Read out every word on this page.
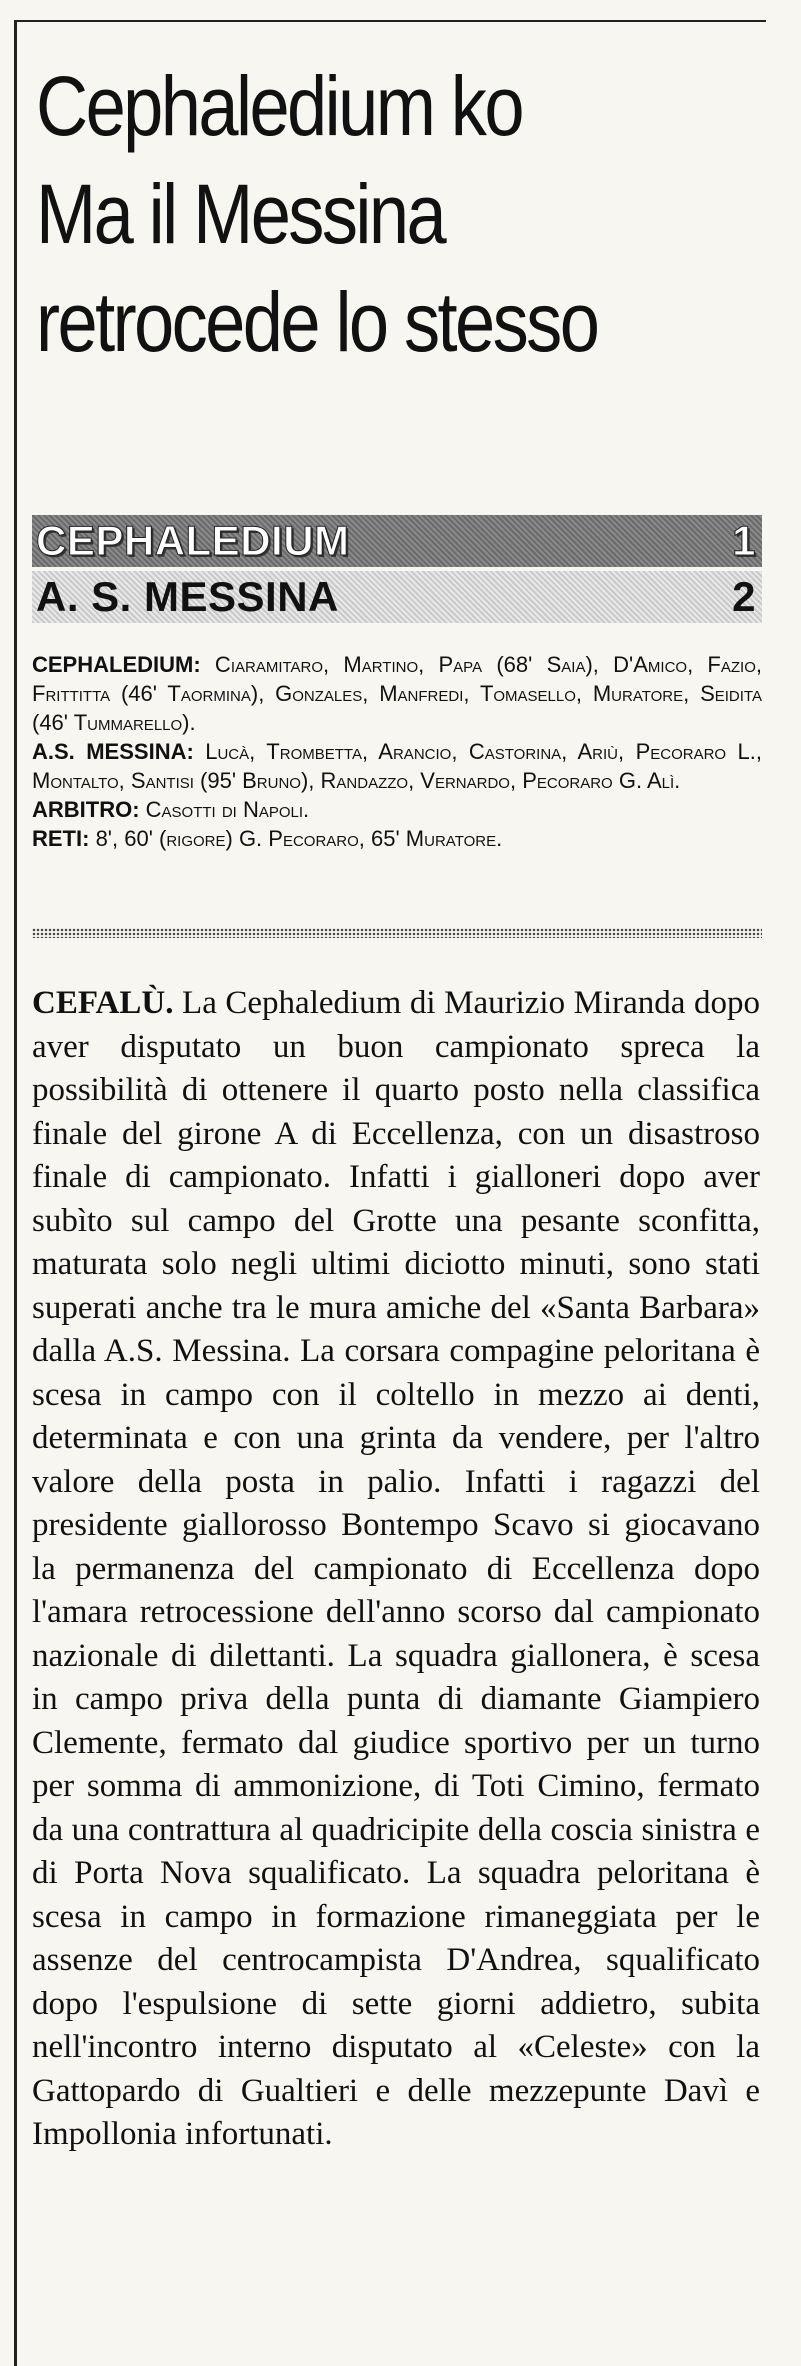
Cephaledium ko
Ma il Messina
retrocede lo stesso
CEPHALEDIUM	1
A. S. MESSINA	2

CEPHALEDIUM: Ciaramitaro, Martino, Papa (68' Saia), D'Amico, Fazio, Frittitta (46' Taormina), Gonzales, Manfredi, Tomasello, Muratore, Seidita (46' Tummarello).

A.S. MESSINA: Lucà, Trombetta, Arancio, Castorina, Ariù, Pecoraro L., Montalto, Santisi (95' Bruno), Randazzo, Vernardo, Pecoraro G. Alì.

ARBITRO: Casotti di Napoli.

RETI: 8', 60' (rigore) G. Pecoraro, 65' Muratore.

CEFALÙ. La Cephaledium di Maurizio Miranda dopo aver disputato un buon campionato spreca la possibilità di ottenere il quarto posto nella classifica finale del girone A di Eccellenza, con un disastroso finale di campionato. Infatti i gialloneri dopo aver subìto sul campo del Grotte una pesante sconfitta, maturata solo negli ultimi diciotto minuti, sono stati superati anche tra le mura amiche del «Santa Barbara» dalla A.S. Messina. La corsara compagine peloritana è scesa in campo con il coltello in mezzo ai denti, determinata e con una grinta da vendere, per l'altro valore della posta in palio. Infatti i ragazzi del presidente giallorosso Bontempo Scavo si giocavano la permanenza del campionato di Eccellenza dopo l'amara retrocessione dell'anno scorso dal campionato nazionale di dilettanti. La squadra giallonera, è scesa in campo priva della punta di diamante Giampiero Clemente, fermato dal giudice sportivo per un turno per somma di ammonizione, di Toti Cimino, fermato da una contrattura al quadricipite della coscia sinistra e di Porta Nova squalificato. La squadra peloritana è scesa in campo in formazione rimaneggiata per le assenze del centrocampista D'Andrea, squalificato dopo l'espulsione di sette giorni addietro, subita nell'incontro interno disputato al «Celeste» con la Gattopardo di Gualtieri e delle mezzepunte Davì e Impollonia infortunati.
